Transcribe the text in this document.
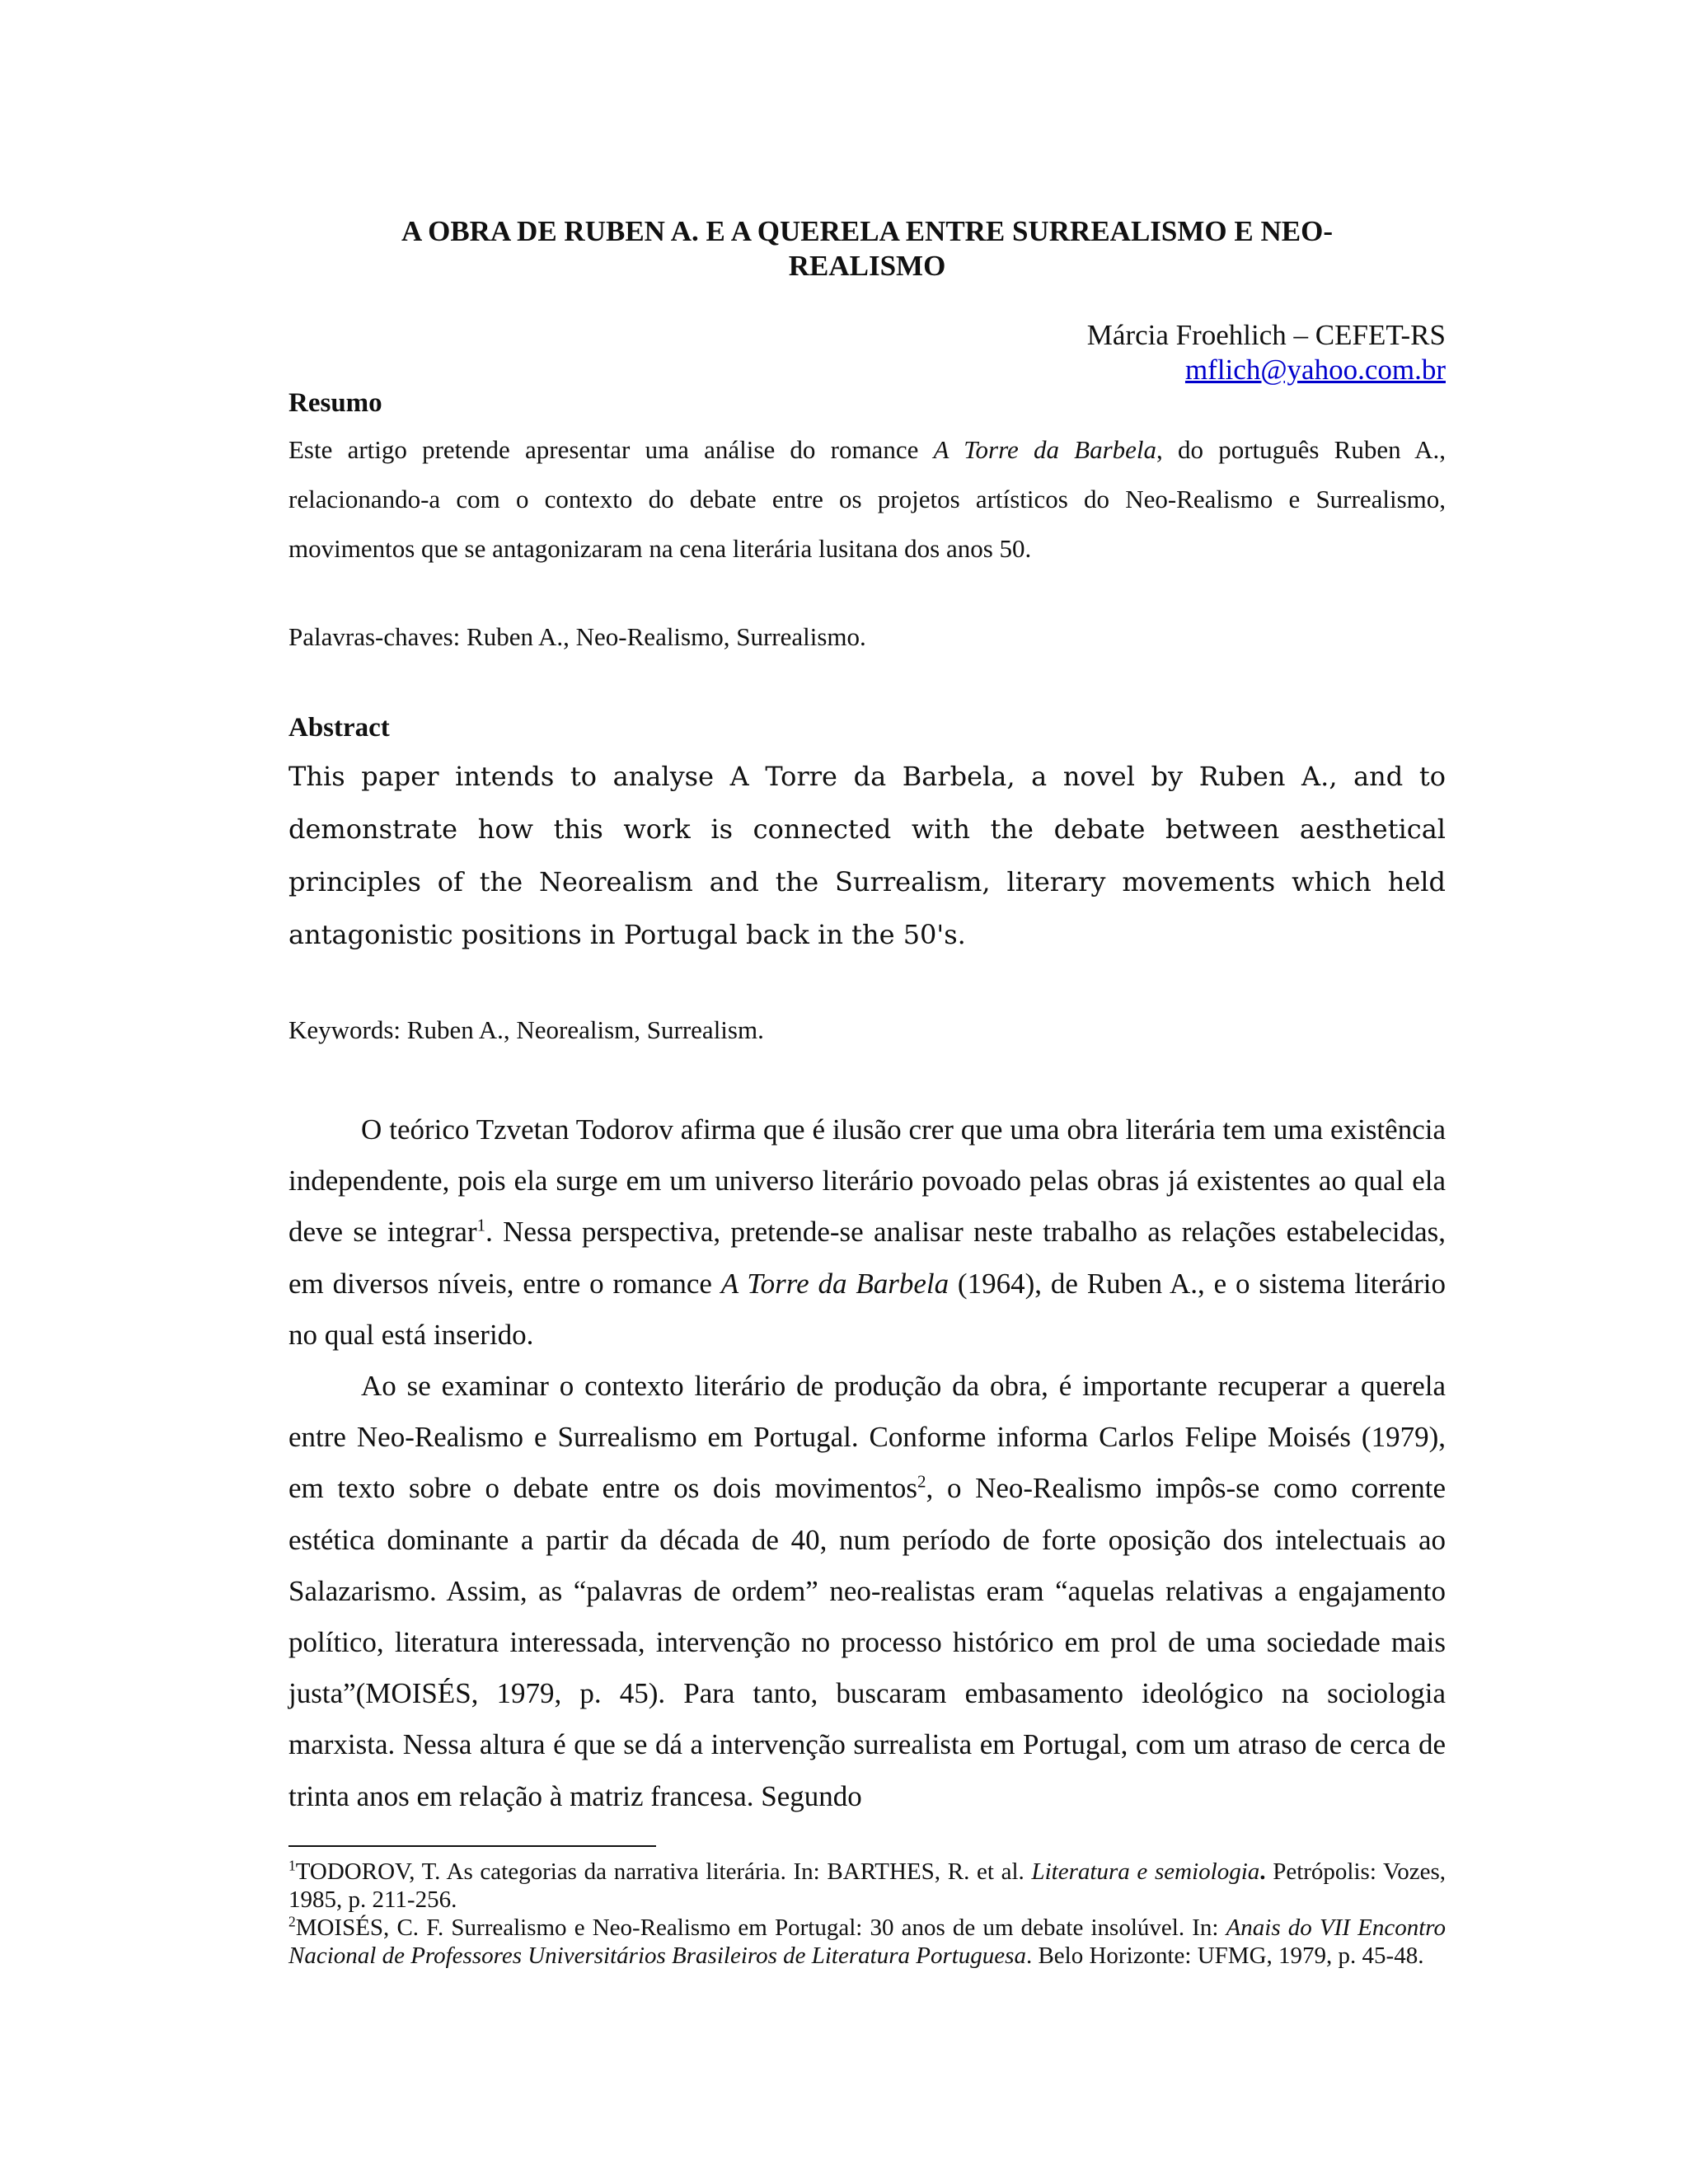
A OBRA DE RUBEN A. E A QUERELA ENTRE SURREALISMO E NEO-
REALISMO
Márcia Froehlich – CEFET-RS
mflich@yahoo.com.br
Resumo
Este artigo pretende apresentar uma análise do romance A Torre da Barbela, do português Ruben A., relacionando-a com o contexto do debate entre os projetos artísticos do Neo-Realismo e Surrealismo, movimentos que se antagonizaram na cena literária lusitana dos anos 50.
Palavras-chaves: Ruben A., Neo-Realismo, Surrealismo.
Abstract
This paper intends to analyse A Torre da Barbela, a novel by Ruben A., and to demonstrate how this work is connected with the debate between aesthetical principles of the Neorealism and the Surrealism, literary movements which held antagonistic positions in Portugal back in the 50's.
Keywords: Ruben A., Neorealism, Surrealism.

O teórico Tzvetan Todorov afirma que é ilusão crer que uma obra literária tem uma existência independente, pois ela surge em um universo literário povoado pelas obras já existentes ao qual ela deve se integrar$^1$. Nessa perspectiva, pretende-se analisar neste trabalho as relações estabelecidas, em diversos níveis, entre o romance A Torre da Barbela (1964), de Ruben A., e o sistema literário no qual está inserido.

Ao se examinar o contexto literário de produção da obra, é importante recuperar a querela entre Neo-Realismo e Surrealismo em Portugal. Conforme informa Carlos Felipe Moisés (1979), em texto sobre o debate entre os dois movimentos$^2$, o Neo-Realismo impôs-se como corrente estética dominante a partir da década de 40, num período de forte oposição dos intelectuais ao Salazarismo. Assim, as “palavras de ordem” neo-realistas eram “aquelas relativas a engajamento político, literatura interessada, intervenção no processo histórico em prol de uma sociedade mais justa”(MOISÉS, 1979, p. 45). Para tanto, buscaram embasamento ideológico na sociologia marxista. Nessa altura é que se dá a intervenção surrealista em Portugal, com um atraso de cerca de trinta anos em relação à matriz francesa. Segundo

$^1$TODOROV, T. As categorias da narrativa literária. In: BARTHES, R. et al. Literatura e semiologia. Petrópolis: Vozes, 1985, p. 211-256.

$^2$MOISÉS, C. F. Surrealismo e Neo-Realismo em Portugal: 30 anos de um debate insolúvel. In: Anais do VII Encontro Nacional de Professores Universitários Brasileiros de Literatura Portuguesa. Belo Horizonte: UFMG, 1979, p. 45-48.
